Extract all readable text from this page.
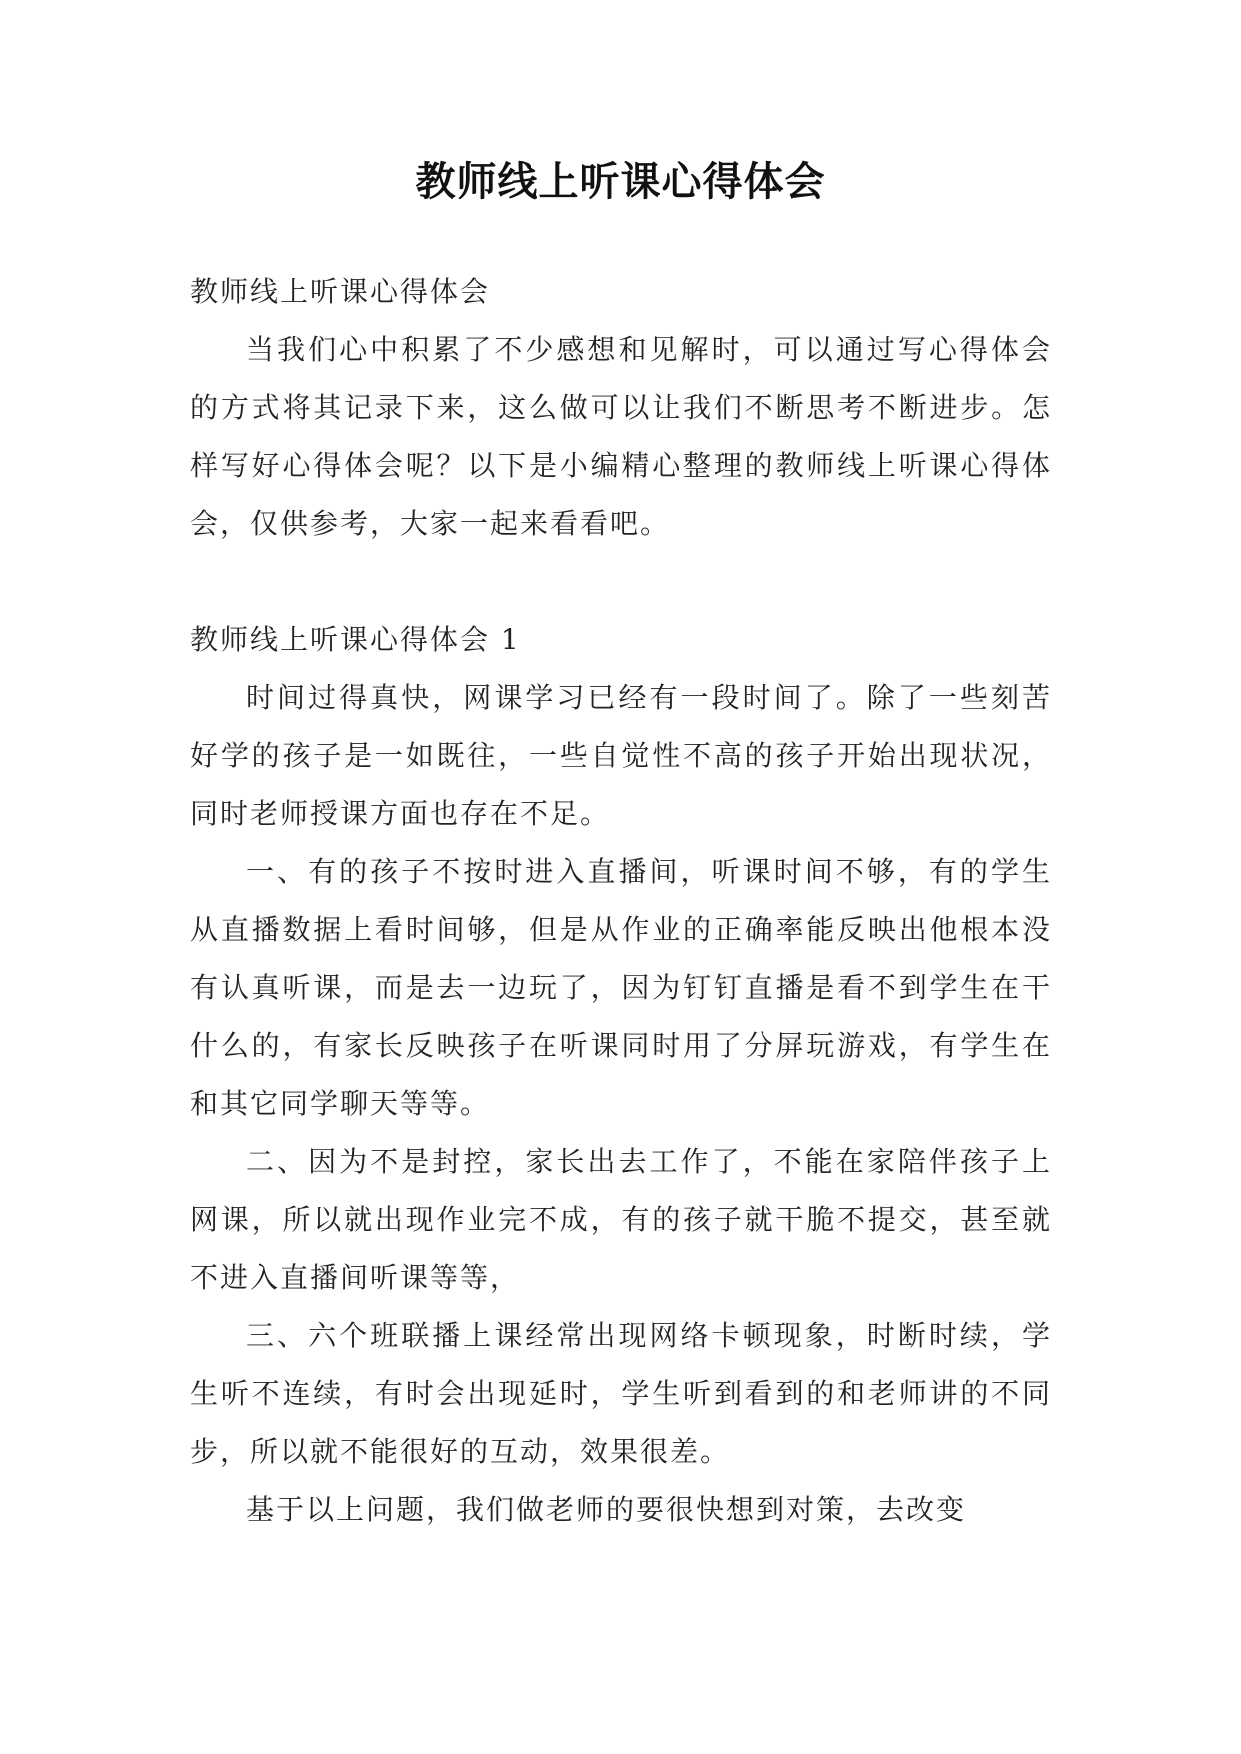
教师线上听课心得体会

教师线上听课心得体会

当我们心中积累了不少感想和见解时，可以通过写心得体会的方式将其记录下来，这么做可以让我们不断思考不断进步。怎样写好心得体会呢？以下是小编精心整理的教师线上听课心得体会，仅供参考，大家一起来看看吧。

教师线上听课心得体会 1

时间过得真快，网课学习已经有一段时间了。除了一些刻苦好学的孩子是一如既往，一些自觉性不高的孩子开始出现状况，同时老师授课方面也存在不足。

一、有的孩子不按时进入直播间，听课时间不够，有的学生从直播数据上看时间够，但是从作业的正确率能反映出他根本没有认真听课，而是去一边玩了，因为钉钉直播是看不到学生在干什么的，有家长反映孩子在听课同时用了分屏玩游戏，有学生在和其它同学聊天等等。

二、因为不是封控，家长出去工作了，不能在家陪伴孩子上网课，所以就出现作业完不成，有的孩子就干脆不提交，甚至就不进入直播间听课等等，

三、六个班联播上课经常出现网络卡顿现象，时断时续，学生听不连续，有时会出现延时，学生听到看到的和老师讲的不同步，所以就不能很好的互动，效果很差。

基于以上问题，我们做老师的要很快想到对策，去改变
